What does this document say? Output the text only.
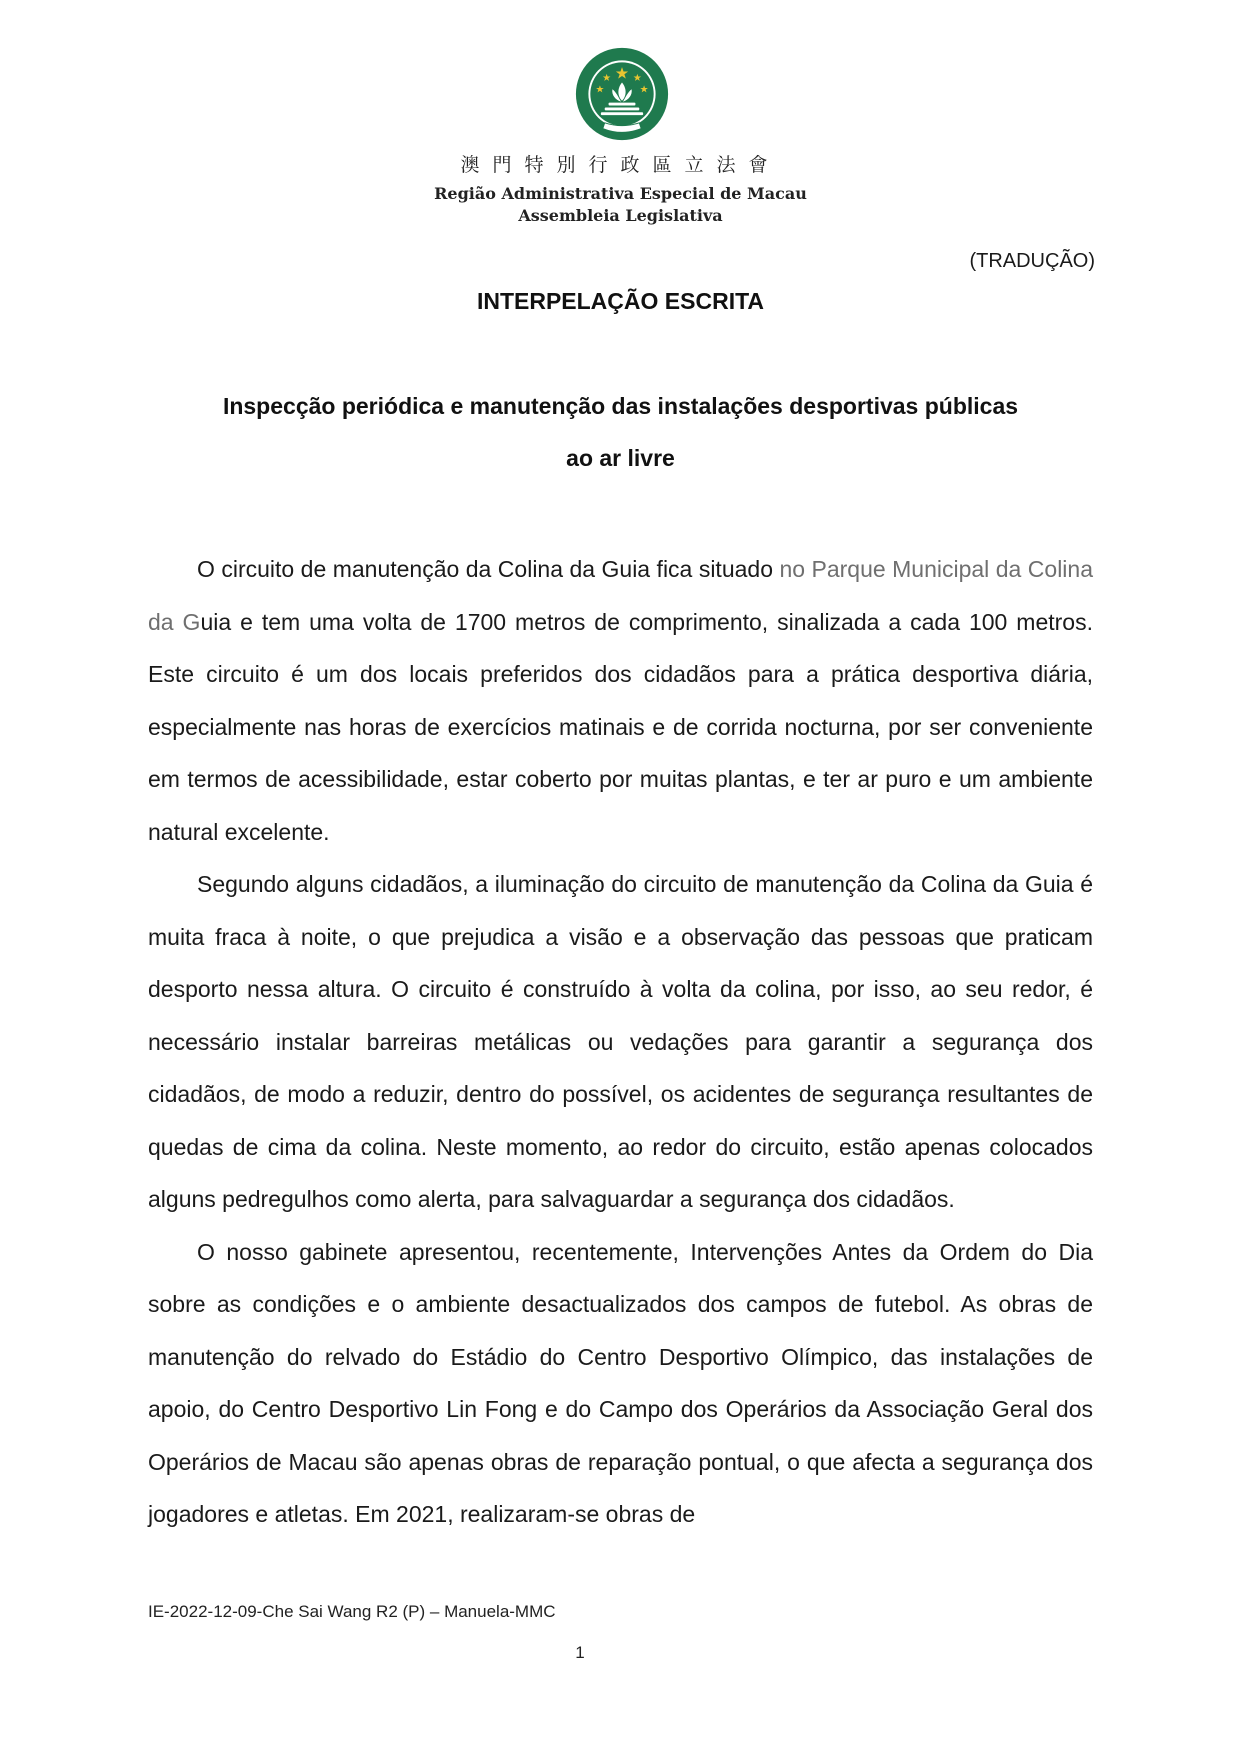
澳門特別行政區立法會
Região Administrativa Especial de Macau
Assembleia Legislativa
(TRADUÇÃO)
INTERPELAÇÃO ESCRITA
Inspecção periódica e manutenção das instalações desportivas públicas
ao ar livre

O circuito de manutenção da Colina da Guia fica situado no Parque Municipal da Colina da Guia e tem uma volta de 1700 metros de comprimento, sinalizada a cada 100 metros. Este circuito é um dos locais preferidos dos cidadãos para a prática desportiva diária, especialmente nas horas de exercícios matinais e de corrida nocturna, por ser conveniente em termos de acessibilidade, estar coberto por muitas plantas, e ter ar puro e um ambiente natural excelente.

Segundo alguns cidadãos, a iluminação do circuito de manutenção da Colina da Guia é muita fraca à noite, o que prejudica a visão e a observação das pessoas que praticam desporto nessa altura. O circuito é construído à volta da colina, por isso, ao seu redor, é necessário instalar barreiras metálicas ou vedações para garantir a segurança dos cidadãos, de modo a reduzir, dentro do possível, os acidentes de segurança resultantes de quedas de cima da colina. Neste momento, ao redor do circuito, estão apenas colocados alguns pedregulhos como alerta, para salvaguardar a segurança dos cidadãos.

O nosso gabinete apresentou, recentemente, Intervenções Antes da Ordem do Dia sobre as condições e o ambiente desactualizados dos campos de futebol. As obras de manutenção do relvado do Estádio do Centro Desportivo Olímpico, das instalações de apoio, do Centro Desportivo Lin Fong e do Campo dos Operários da Associação Geral dos Operários de Macau são apenas obras de reparação pontual, o que afecta a segurança dos jogadores e atletas. Em 2021, realizaram-se obras de

IE-2022-12-09-Che Sai Wang R2 (P) – Manuela-MMC
1
